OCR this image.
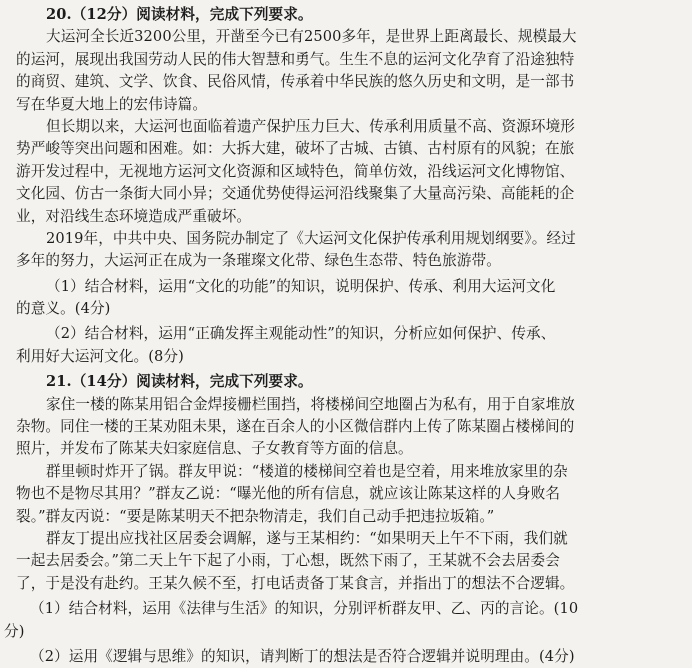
20.（12分）阅读材料，完成下列要求。
大运河全长近3200公里，开凿至今已有2500多年，是世界上距离最长、规模最大
的运河，展现出我国劳动人民的伟大智慧和勇气。生生不息的运河文化孕育了沿途独特
的商贸、建筑、文学、饮食、民俗风情，传承着中华民族的悠久历史和文明，是一部书
写在华夏大地上的宏伟诗篇。
但长期以来，大运河也面临着遗产保护压力巨大、传承利用质量不高、资源环境形
势严峻等突出问题和困难。如：大拆大建，破坏了古城、古镇、古村原有的风貌；在旅
游开发过程中，无视地方运河文化资源和区域特色，简单仿效，沿线运河文化博物馆、
文化园、仿古一条街大同小异；交通优势使得运河沿线聚集了大量高污染、高能耗的企
业，对沿线生态环境造成严重破坏。
2019年，中共中央、国务院办制定了《大运河文化保护传承利用规划纲要》。经过
多年的努力，大运河正在成为一条璀璨文化带、绿色生态带、特色旅游带。
（1）结合材料，运用“文化的功能”的知识，说明保护、传承、利用大运河文化
的意义。(4分)
（2）结合材料，运用“正确发挥主观能动性”的知识，分析应如何保护、传承、
利用好大运河文化。(8分)
21.（14分）阅读材料，完成下列要求。
家住一楼的陈某用铝合金焊接栅栏围挡，将楼梯间空地圈占为私有，用于自家堆放
杂物。同住一楼的王某劝阻未果，遂在百余人的小区微信群内上传了陈某圈占楼梯间的
照片，并发布了陈某夫妇家庭信息、子女教育等方面的信息。
群里顿时炸开了锅。群友甲说：“楼道的楼梯间空着也是空着，用来堆放家里的杂
物也不是物尽其用？”群友乙说：“曝光他的所有信息，就应该让陈某这样的人身败名
裂。”群友丙说：“要是陈某明天不把杂物清走，我们自己动手把违拉坂箱。”
群友丁提出应找社区居委会调解，遂与王某相约：“如果明天上午不下雨，我们就
一起去居委会。”第二天上午下起了小雨，丁心想，既然下雨了，王某就不会去居委会
了，于是没有赴约。王某久候不至，打电话责备丁某食言，并指出丁的想法不合逻辑。
（1）结合材料，运用《法律与生活》的知识，分别评析群友甲、乙、丙的言论。(10
分)
（2）运用《逻辑与思维》的知识，请判断丁的想法是否符合逻辑并说明理由。(4分)
